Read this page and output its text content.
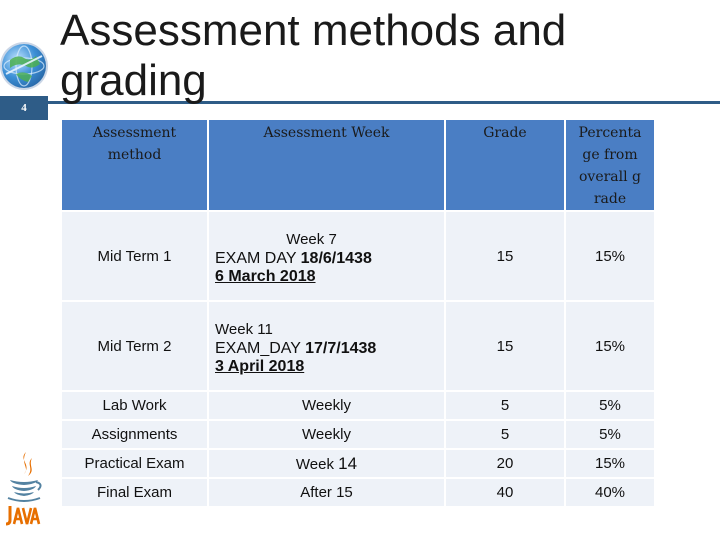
4
Assessment methods and grading
Assessment method	Assessment Week	Grade	Percentage from overall grade

Mid Term 1	Week 7
EXAM DAY 18/6/1438
6 March 2018	15	15%
Mid Term 2	Week 11
EXAM_DAY 17/7/1438
3 April 2018	15	15%
Lab Work	Weekly	5	5%
Assignments	Weekly	5	5%
Practical Exam	Week 14	20	15%
Final Exam	After 15	40	40%
